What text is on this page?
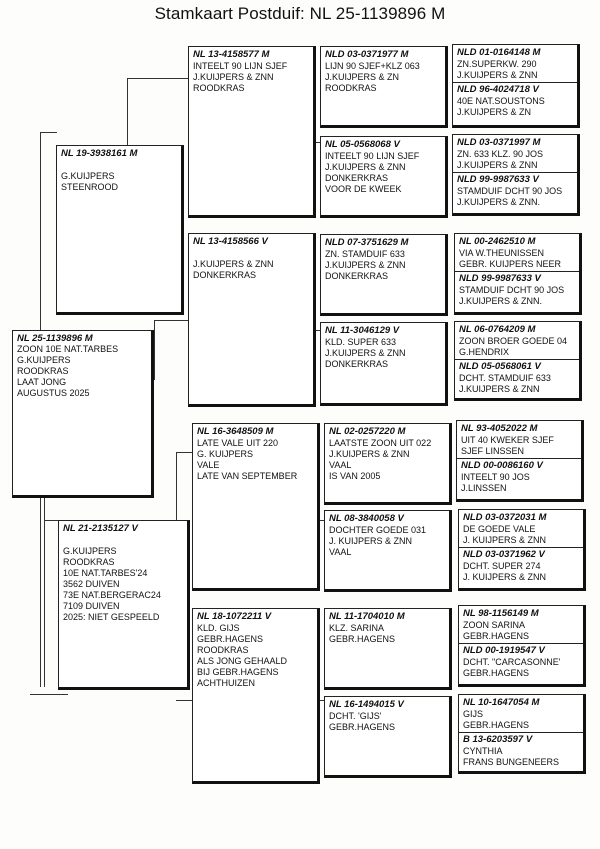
Stamkaart Postduif: NL 25-1139896 M
NL 25-1139896 M
ZOON 10E NAT.TARBES
G.KUIJPERS
ROODKRAS
LAAT JONG
AUGUSTUS 2025
NL 19-3938161 M
G.KUIJPERS
STEENROOD
NL 21-2135127 V
G.KUIJPERS
ROODKRAS
10E NAT.TARBES'24
3562 DUIVEN
73E NAT.BERGERAC24
7109 DUIVEN
2025: NIET GESPEELD
NL 13-4158577 M
INTEELT 90 LIJN SJEF
J.KUIJPERS & ZNN
ROODKRAS
NL 13-4158566 V
J.KUIJPERS & ZNN
DONKERKRAS
NL 16-3648509 M
LATE VALE UIT 220
G. KUIJPERS
VALE
LATE VAN SEPTEMBER
NL 18-1072211 V
KLD. GIJS
GEBR.HAGENS
ROODKRAS
ALS JONG GEHAALD
BIJ GEBR.HAGENS
ACHTHUIZEN
NLD 03-0371977 M
LIJN 90 SJEF+KLZ 063
J.KUIJPERS & ZN
ROODKRAS
NL 05-0568068 V
INTEELT 90 LIJN SJEF
J.KUIJPERS & ZNN
DONKERKRAS
VOOR DE KWEEK
NLD 07-3751629 M
ZN. STAMDUIF 633
J.KUIJPERS & ZNN
DONKERKRAS
NL 11-3046129 V
KLD. SUPER 633
J.KUIJPERS & ZNN
DONKERKRAS
NL 02-0257220 M
LAATSTE ZOON UIT 022
J.KUIJPERS & ZNN
VAAL
IS VAN 2005
NL 08-3840058 V
DOCHTER GOEDE 031
J. KUIJPERS & ZNN
VAAL
NL 11-1704010 M
KLZ. SARINA
GEBR.HAGENS
NL 16-1494015 V
DCHT. 'GIJS'
GEBR.HAGENS
NLD 01-0164148 M
ZN.SUPERKW. 290
J.KUIJPERS & ZNN
NLD 96-4024718 V
40E NAT.SOUSTONS
J.KUIJPERS & ZN
NLD 03-0371997 M
ZN. 633 KLZ. 90 JOS
J.KUIJPERS & ZNN
NLD 99-9987633 V
STAMDUIF DCHT 90 JOS
J.KUIJPERS & ZNN.
NL 00-2462510 M
VIA W.THEUNISSEN
GEBR. KUIJPERS NEER
NLD 99-9987633 V
STAMDUIF DCHT 90 JOS
J.KUIJPERS & ZNN.
NL 06-0764209 M
ZOON BROER GOEDE 04
G.HENDRIX
NLD 05-0568061 V
DCHT. STAMDUIF 633
J.KUIJPERS & ZNN
NL 93-4052022 M
UIT 40 KWEKER SJEF
SJEF LINSSEN
NLD 00-0086160 V
INTEELT 90 JOS
J.LINSSEN
NLD 03-0372031 M
DE GOEDE VALE
J. KUIJPERS & ZNN
NLD 03-0371962 V
DCHT. SUPER 274
J. KUIJPERS & ZNN
NL 98-1156149 M
ZOON SARINA
GEBR.HAGENS
NLD 00-1919547 V
DCHT. "CARCASONNE'
GEBR.HAGENS
NL 10-1647054 M
GIJS
GEBR.HAGENS
B 13-6203597 V
CYNTHIA
FRANS BUNGENEERS
